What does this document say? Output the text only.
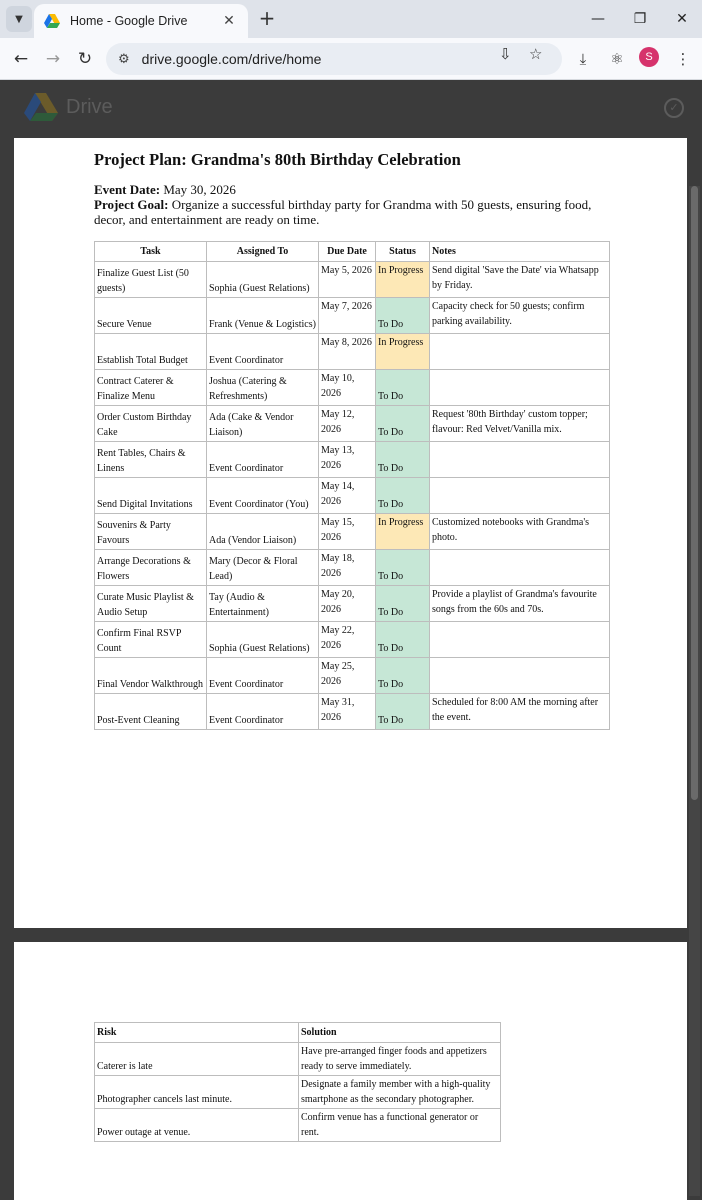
▼	Home - Google Drive	✕ +	—	❐	✕
←	→	↻	⚙ drive.google.com/drive/home	⇩ ☆	⤓	⚛	⋮
S
Drive	✓
Project Plan: Grandma's 80th Birthday Celebration
Event Date: May 30, 2026
Project Goal: Organize a successful birthday party for Grandma with 50 guests, ensuring food, decor, and entertainment are ready on time.
Task	Assigned To	Due Date	Status	Notes

Finalize Guest List (50 guests)	Sophia (Guest Relations)	May 5, 2026	In Progress	Send digital 'Save the Date' via Whatsapp by Friday.

Secure Venue	Frank (Venue & Logistics)	May 7, 2026	To Do	Capacity check for 50 guests; confirm parking availability.

Establish Total Budget	Event Coordinator	May 8, 2026	In Progress	

Contract Caterer & Finalize Menu	Joshua (Catering & Refreshments)	May 10, 2026	To Do	

Order Custom Birthday Cake	Ada (Cake & Vendor Liaison)	May 12, 2026	To Do	Request '80th Birthday' custom topper; flavour: Red Velvet/Vanilla mix.

Rent Tables, Chairs & Linens	Event Coordinator	May 13, 2026	To Do	

Send Digital Invitations	Event Coordinator (You)	May 14, 2026	To Do	

Souvenirs & Party Favours	Ada (Vendor Liaison)	May 15, 2026	In Progress	Customized notebooks with Grandma's photo.

Arrange Decorations & Flowers	Mary (Decor & Floral Lead)	May 18, 2026	To Do	

Curate Music Playlist & Audio Setup	Tay (Audio & Entertainment)	May 20, 2026	To Do	Provide a playlist of Grandma's favourite songs from the 60s and 70s.

Confirm Final RSVP Count	Sophia (Guest Relations)	May 22, 2026	To Do	

Final Vendor Walkthrough	Event Coordinator	May 25, 2026	To Do	

Post-Event Cleaning	Event Coordinator	May 31, 2026	To Do	Scheduled for 8:00 AM the morning after the event.
Risk	Solution

Caterer is late	Have pre-arranged finger foods and appetizers ready to serve immediately.

Photographer cancels last minute.	Designate a family member with a high-quality smartphone as the secondary photographer.

Power outage at venue.	Confirm venue has a functional generator or rent.
